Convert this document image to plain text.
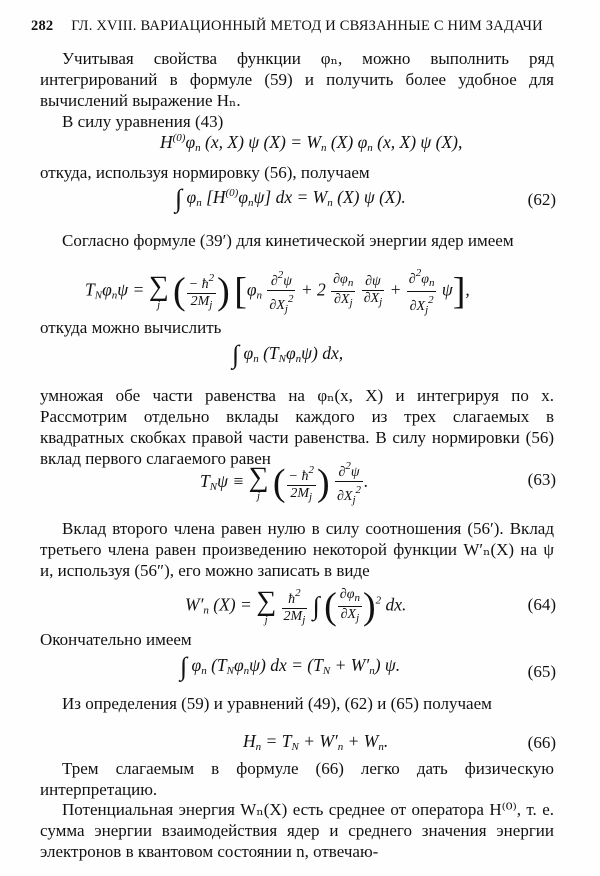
282 ГЛ. XVIII. ВАРИАЦИОННЫЙ МЕТОД И СВЯЗАННЫЕ С НИМ ЗАДАЧИ
Учитывая свойства функции φₙ, можно выполнить ряд интегрирований в формуле (59) и получить более удобное для вычислений выражение Hₙ.
В силу уравнения (43)
$H^{(0)}\varphi_n$ (x, X) ψ $(X) = W_n$ (X) $\varphi_n$ (x, X) ψ (X),
откуда, используя нормировку (56), получаем
∫ $\varphi_n$ $[H^{(0)}\varphi_n\psi]$ dx = $W_n$ (X) ψ (X).	(62)
Согласно формуле (39′) для кинетической энергии ядер имеем
$T_N\varphi_n\psi$ = ∑
j ( $\frac{- ħ^2}{2M_j}$ ) [$\varphi_n \frac{\partial^2\psi}{\partial X_j^2} + 2 \frac{\partial\varphi_n}{\partial X_j}$
$\frac{\partial\psi}{\partial X_j} + \frac{\partial^2\varphi_n}{\partial X_j^2} \psi$],
откуда можно вычислить
∫ $\varphi_n$ $(T_N\varphi_n\psi)$ dx,
умножая обе части равенства на φₙ(x, X) и интегрируя по x. Рассмотрим отдельно вклады каждого из трех слагаемых в квадратных скобках правой части равенства. В силу нормировки (56) вклад первого слагаемого равен
$T_N\psi$ ≡ ∑
j ( $\frac{- ħ^2}{2M_j}$ ) $\frac{\partial^2\psi}{\partial X_j^2}$ .	(63)
Вклад второго члена равен нулю в силу соотношения (56′). Вклад третьего члена равен произведению некоторой функции W′ₙ(X) на ψ и, используя (56″), его можно записать в виде
$W'_n$ (X) = ∑
j
$\frac{ħ^2}{2M_j}$ ∫ ( $\frac{\partial\varphi_n}{\partial X_j} )^2$ dx.	(64)
Окончательно имеем
∫ $\varphi_n$ $(T_N\varphi_n\psi)$ dx = $(T_N + W'_n)$ ψ.	(65)
Из определения (59) и уравнений (49), (62) и (65) получаем
$H_n = T_N + W'_n + W_n$.	(66)
Трем слагаемым в формуле (66) легко дать физическую интерпретацию.
Потенциальная энергия Wₙ(X) есть среднее от оператора H⁽⁰⁾, т. е. сумма энергии взаимодействия ядер и среднего значения энергии электронов в квантовом состоянии n, отвечаю-
